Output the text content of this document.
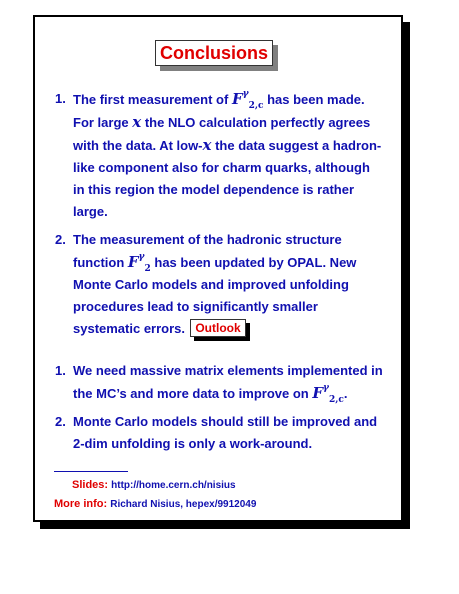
Conclusions
1. The first measurement of $F^\gamma_{2,c}$ has been made. For large x the NLO calculation perfectly agrees with the data. At low-x the data suggest a hadron-like component also for charm quarks, although in this region the model dependence is rather large.
2. The measurement of the hadronic structure function $F^\gamma_2$ has been updated by OPAL. New Monte Carlo models and improved unfolding procedures lead to significantly smaller systematic errors. Outlook
1. We need massive matrix elements implemented in the MC’s and more data to improve on $F^\gamma_{2,c}$.
2. Monte Carlo models should still be improved and 2-dim unfolding is only a work-around.
Slides: http://home.cern.ch/nisius
More info: Richard Nisius, hepex/9912049
